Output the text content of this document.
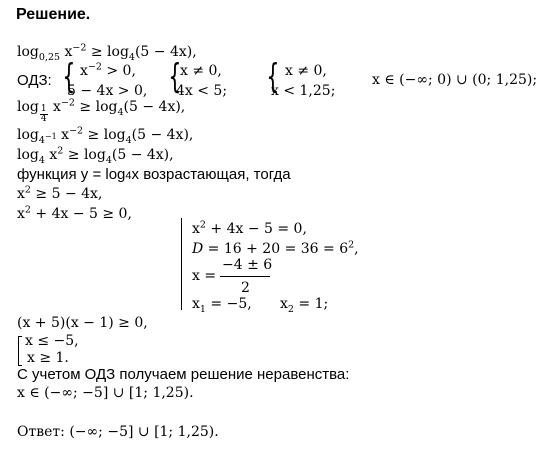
Решение.
$\log_{0,25} x^{-2} \ge \log_4(5 - 4x)$,
ОДЗ: { $x^{-2} > 0$,
5 − 4x > 0, {
x ≠ 0,
4x < 5; { x ≠ 0,
x < 1,25;
x ∈ (−∞; 0) ∪ (0; 1,25);
$\log \frac{1}{4} x^{-2} \ge \log_4(5 - 4x)$,
$\log_{4^{-1}} x^{-2} \ge \log_4(5 - 4x)$,
$\log_4 x^2 \ge \log_4(5 - 4x)$,
функция y = log4x возрастающая, тогда
$x^2 \ge 5 - 4x$,
$x^2 + 4x - 5 \ge 0$,
$x^2 + 4x - 5 = 0$,
$D = 16 + 20 = 36 = 6^2$,
x =
−4 ± 6
2
$x_1 = -5$, $x_2 = 1$;
(x + 5)(x − 1) ≥ 0,
x ≤ −5,
x ≥ 1.
С учетом ОДЗ получаем решение неравенства:
x ∈ (−∞; −5] ∪ [1; 1,25).
Ответ: (−∞; −5] ∪ [1; 1,25).
